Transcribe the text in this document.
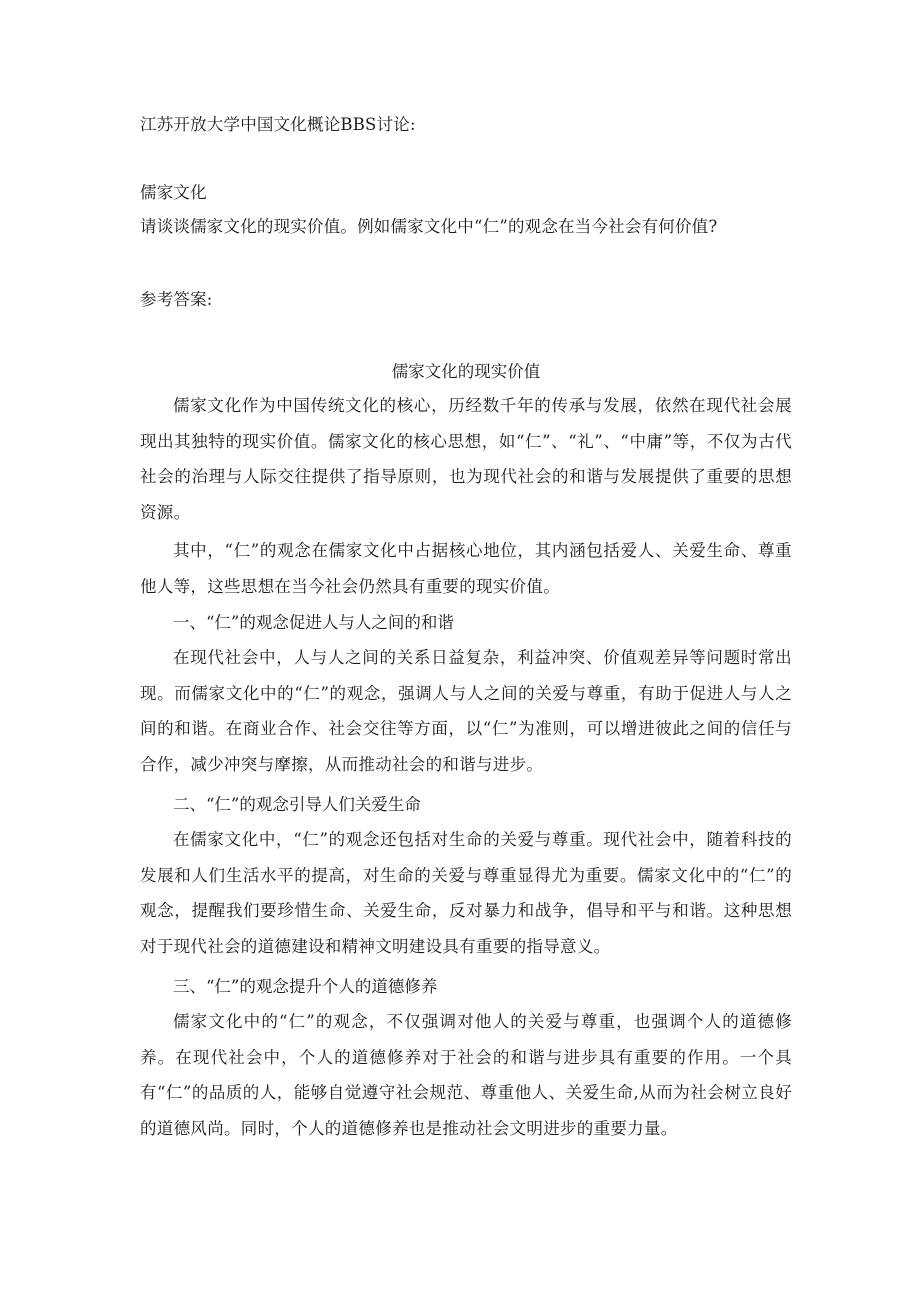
江苏开放大学中国文化概论BBS讨论:
儒家文化
请谈谈儒家文化的现实价值。例如儒家文化中“仁”的观念在当今社会有何价值?
参考答案:
儒家文化的现实价值
儒家文化作为中国传统文化的核心，历经数千年的传承与发展，依然在现代社会展现出其独特的现实价值。儒家文化的核心思想，如“仁”、“礼”、“中庸”等，不仅为古代社会的治理与人际交往提供了指导原则，也为现代社会的和谐与发展提供了重要的思想资源。
其中，“仁”的观念在儒家文化中占据核心地位，其内涵包括爱人、关爱生命、尊重他人等，这些思想在当今社会仍然具有重要的现实价值。
一、“仁”的观念促进人与人之间的和谐
在现代社会中，人与人之间的关系日益复杂，利益冲突、价值观差异等问题时常出现。而儒家文化中的“仁”的观念，强调人与人之间的关爱与尊重，有助于促进人与人之间的和谐。在商业合作、社会交往等方面，以“仁”为准则，可以增进彼此之间的信任与合作，减少冲突与摩擦，从而推动社会的和谐与进步。
二、“仁”的观念引导人们关爱生命
在儒家文化中，“仁”的观念还包括对生命的关爱与尊重。现代社会中，随着科技的发展和人们生活水平的提高，对生命的关爱与尊重显得尤为重要。儒家文化中的“仁”的观念，提醒我们要珍惜生命、关爱生命，反对暴力和战争，倡导和平与和谐。这种思想对于现代社会的道德建设和精神文明建设具有重要的指导意义。
三、“仁”的观念提升个人的道德修养
儒家文化中的“仁”的观念，不仅强调对他人的关爱与尊重，也强调个人的道德修养。在现代社会中，个人的道德修养对于社会的和谐与进步具有重要的作用。一个具有“仁”的品质的人，能够自觉遵守社会规范、尊重他人、关爱生命,从而为社会树立良好的道德风尚。同时，个人的道德修养也是推动社会文明进步的重要力量。
